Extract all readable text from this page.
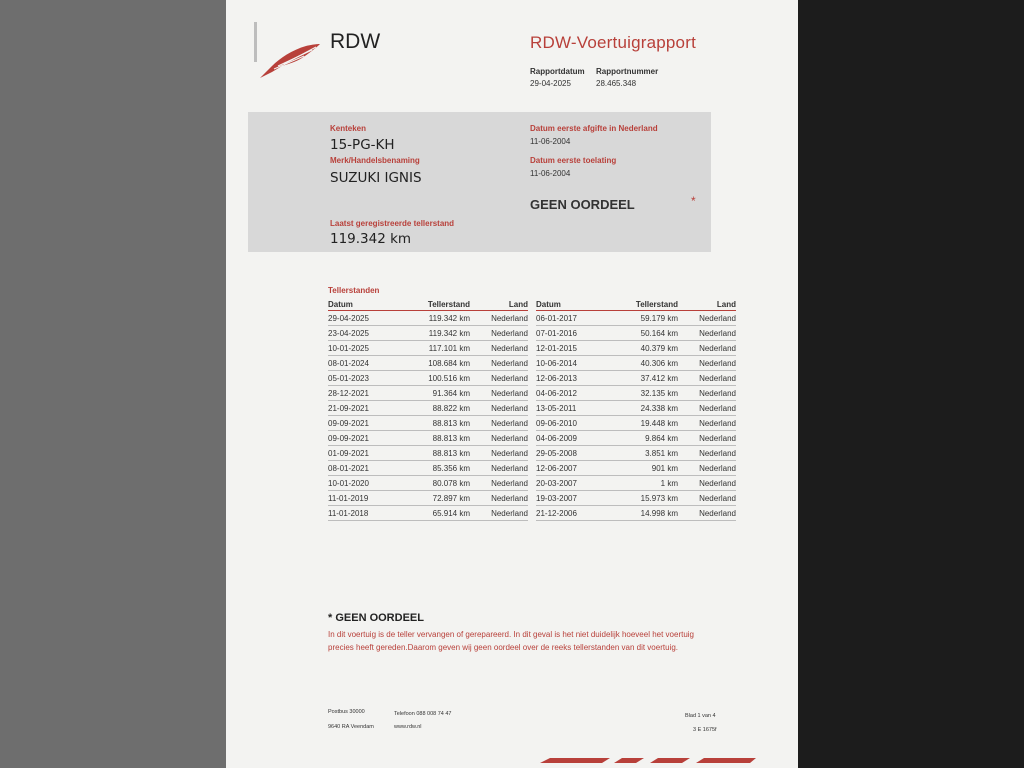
RDW	RDW-Voertuigrapport
Rapportdatum
29-04-2025
Rapportnummer
28.465.348
Kenteken
15-PG-KH
Merk/Handelsbenaming
SUZUKI IGNIS
Laatst geregistreerde tellerstand
119.342 km
Datum eerste afgifte in Nederland
11-06-2004
Datum eerste toelating
11-06-2004
GEEN OORDEEL	*
Tellerstanden
Datum	Tellerstand	Land
29-04-2025	119.342 km	Nederland
23-04-2025	119.342 km	Nederland
10-01-2025	117.101 km	Nederland
08-01-2024	108.684 km	Nederland
05-01-2023	100.516 km	Nederland
28-12-2021	91.364 km	Nederland
21-09-2021	88.822 km	Nederland
09-09-2021	88.813 km	Nederland
09-09-2021	88.813 km	Nederland
01-09-2021	88.813 km	Nederland
08-01-2021	85.356 km	Nederland
10-01-2020	80.078 km	Nederland
11-01-2019	72.897 km	Nederland
11-01-2018	65.914 km	Nederland
Datum	Tellerstand	Land
06-01-2017	59.179 km	Nederland
07-01-2016	50.164 km	Nederland
12-01-2015	40.379 km	Nederland
10-06-2014	40.306 km	Nederland
12-06-2013	37.412 km	Nederland
04-06-2012	32.135 km	Nederland
13-05-2011	24.338 km	Nederland
09-06-2010	19.448 km	Nederland
04-06-2009	9.864 km	Nederland
29-05-2008	3.851 km	Nederland
12-06-2007	901 km	Nederland
20-03-2007	1 km	Nederland
19-03-2007	15.973 km	Nederland
21-12-2006	14.998 km	Nederland
* GEEN OORDEEL
In dit voertuig is de teller vervangen of gerepareerd. In dit geval is het niet duidelijk hoeveel het voertuig
precies heeft gereden.Daarom geven wij geen oordeel over de reeks tellerstanden van dit voertuig.
Postbus 30000
9640 RA Veendam
Telefoon 088 008 74 47
www.rdw.nl
Blad 1 van 4
3 E 1675f
